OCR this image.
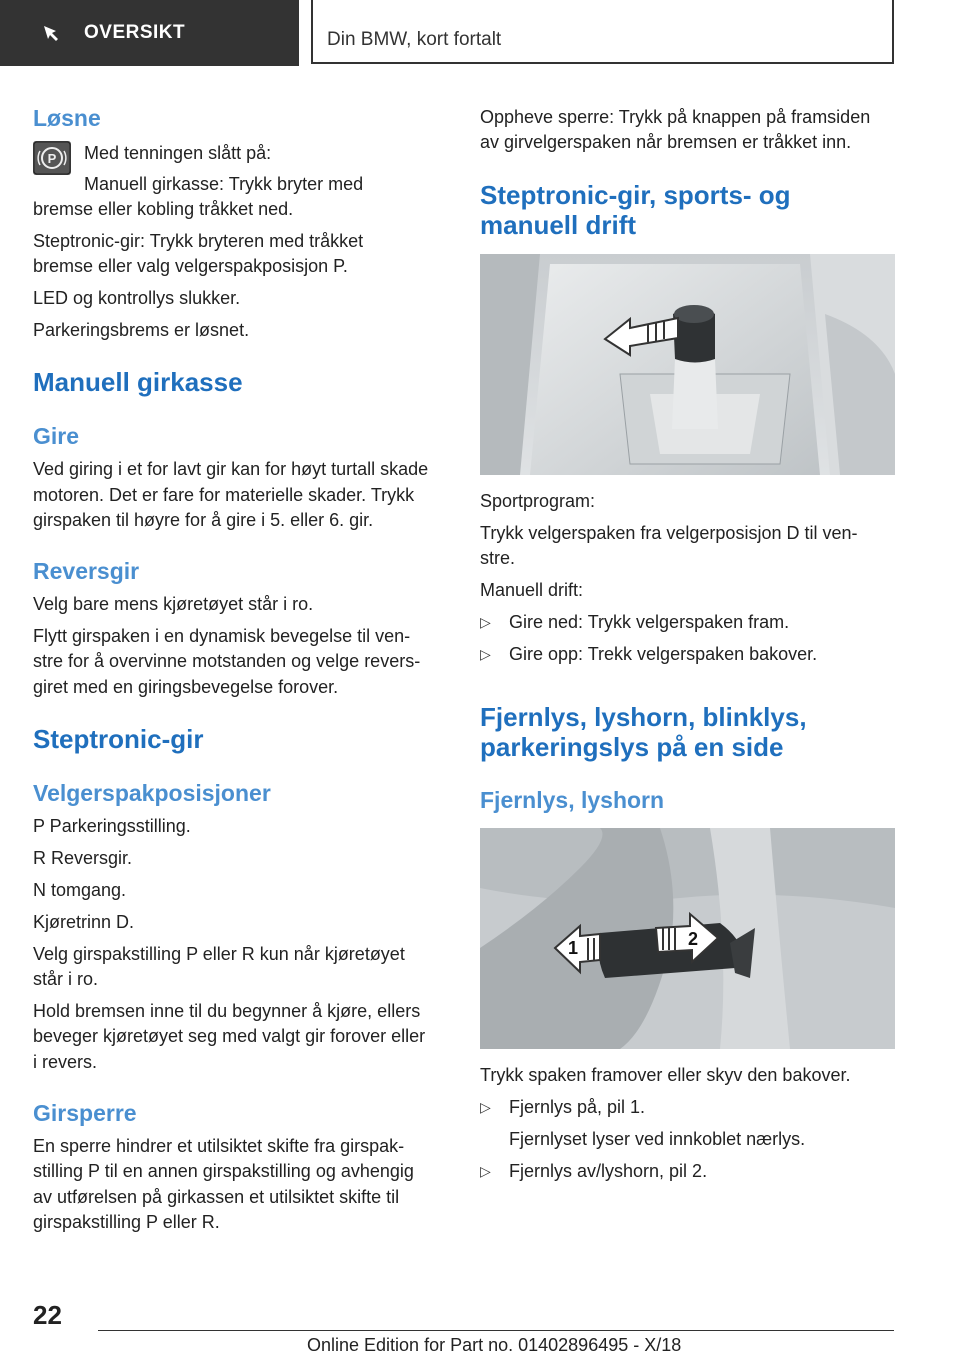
OVERSIKT	Din BMW, kort fortalt
Løsne
P Med tenningen slått på:
Manuell girkasse: Trykk bryter med
bremse eller kobling tråkket ned.
Steptronic-gir: Trykk bryteren med tråkket
bremse eller valg velgerspakposisjon P.
LED og kontrollys slukker.
Parkeringsbrems er løsnet.
Manuell girkasse
Gire
Ved giring i et for lavt gir kan for høyt turtall skade
motoren. Det er fare for materielle skader. Trykk
girspaken til høyre for å gire i 5. eller 6. gir.
Reversgir
Velg bare mens kjøretøyet står i ro.
Flytt girspaken i en dynamisk bevegelse til ven-
stre for å overvinne motstanden og velge revers-
giret med en giringsbevegelse forover.
Steptronic-gir
Velgerspakposisjoner
P Parkeringsstilling.
R Reversgir.
N tomgang.
Kjøretrinn D.
Velg girspakstilling P eller R kun når kjøretøyet
står i ro.
Hold bremsen inne til du begynner å kjøre, ellers
beveger kjøretøyet seg med valgt gir forover eller
i revers.
Girsperre
En sperre hindrer et utilsiktet skifte fra girspak-
stilling P til en annen girspakstilling og avhengig
av utførelsen på girkassen et utilsiktet skifte til
girspakstilling P eller R.
Oppheve sperre: Trykk på knappen på framsiden
av girvelgerspaken når bremsen er tråkket inn.
Steptronic-gir, sports- og
manuell drift
Sportprogram:
Trykk velgerspaken fra velgerposisjon D til ven-
stre.
Manuell drift:
▷ Gire ned: Trykk velgerspaken fram.
▷ Gire opp: Trekk velgerspaken bakover.
Fjernlys, lyshorn, blinklys,
parkeringslys på en side
Fjernlys, lyshorn
1	2
Trykk spaken framover eller skyv den bakover.
▷ Fjernlys på, pil 1.
Fjernlyset lyser ved innkoblet nærlys.
▷ Fjernlys av/lyshorn, pil 2.
22
Online Edition for Part no. 01402896495 - X/18
